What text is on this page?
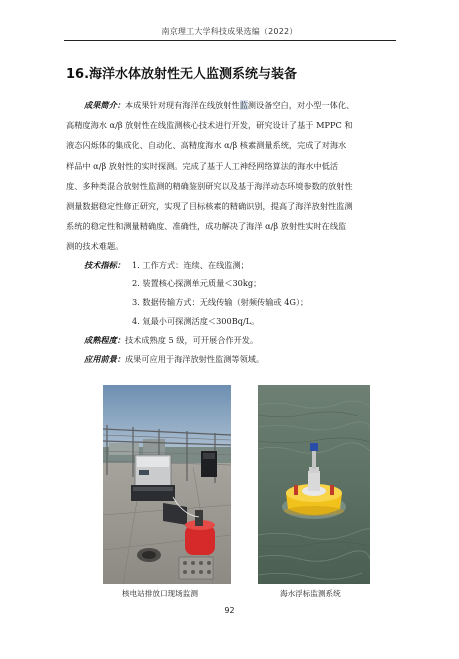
南京理工大学科技成果选编（2022）
16.海洋水体放射性无人监测系统与装备
成果简介：本成果针对现有海洋在线放射性监测设备空白，对小型一体化、
高精度海水 α/β 放射性在线监测核心技术进行开发，研究设计了基于 MPPC 和
液态闪烁体的集成化、自动化、高精度海水 α/β 核素测量系统，完成了对海水
样品中 α/β 放射性的实时探测。完成了基于人工神经网络算法的海水中低活
度、多种类混合放射性监测的精确鉴别研究以及基于海洋动态环境参数的放射性
测量数据稳定性修正研究，实现了目标核素的精确识别，提高了海洋放射性监测
系统的稳定性和测量精确度、准确性，成功解决了海洋 α/β 放射性实时在线监
测的技术难题。
技术指标： 1. 工作方式：连续、在线监测；
2. 装置核心探测单元质量＜30kg；
3. 数据传输方式：无线传输（射频传输或 4G）；
4. 氚最小可探测活度＜300Bq/L。
成熟程度：技术成熟度 5 级，可开展合作开发。
应用前景：成果可应用于海洋放射性监测等领域。
核电站排放口现场监测	海水浮标监测系统
92
